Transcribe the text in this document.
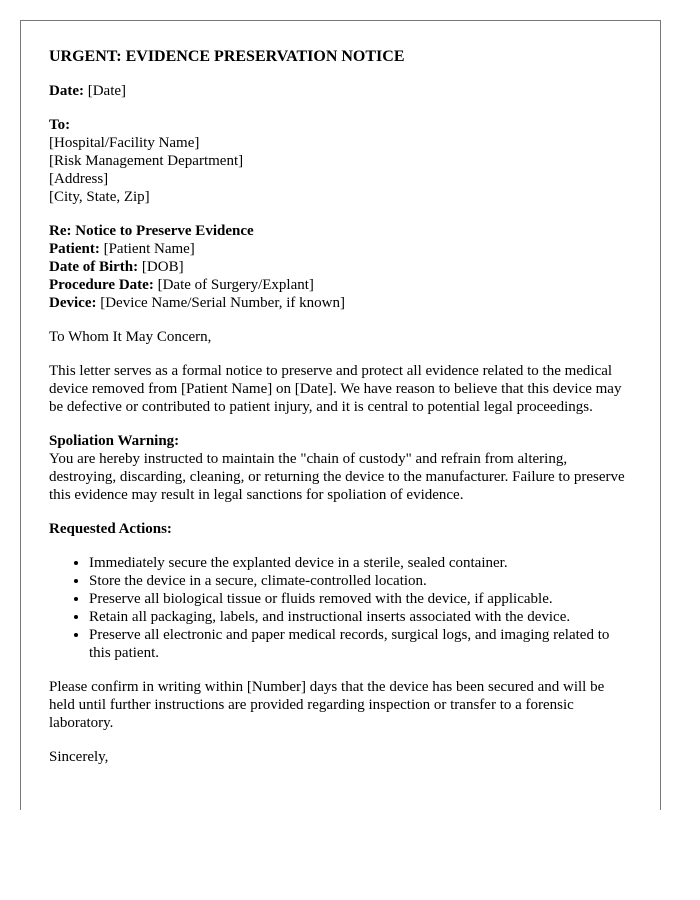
URGENT: EVIDENCE PRESERVATION NOTICE
Date: [Date]
To:
[Hospital/Facility Name]
[Risk Management Department]
[Address]
[City, State, Zip]
Re: Notice to Preserve Evidence
Patient: [Patient Name]
Date of Birth: [DOB]
Procedure Date: [Date of Surgery/Explant]
Device: [Device Name/Serial Number, if known]
To Whom It May Concern,
This letter serves as a formal notice to preserve and protect all evidence related to the medical device removed from [Patient Name] on [Date]. We have reason to believe that this device may be defective or contributed to patient injury, and it is central to potential legal proceedings.
Spoliation Warning:
You are hereby instructed to maintain the "chain of custody" and refrain from altering, destroying, discarding, cleaning, or returning the device to the manufacturer. Failure to preserve this evidence may result in legal sanctions for spoliation of evidence.
Requested Actions:
• Immediately secure the explanted device in a sterile, sealed container.
• Store the device in a secure, climate-controlled location.
• Preserve all biological tissue or fluids removed with the device, if applicable.
• Retain all packaging, labels, and instructional inserts associated with the device.
• Preserve all electronic and paper medical records, surgical logs, and imaging related to this patient.
Please confirm in writing within [Number] days that the device has been secured and will be held until further instructions are provided regarding inspection or transfer to a forensic laboratory.
Sincerely,
